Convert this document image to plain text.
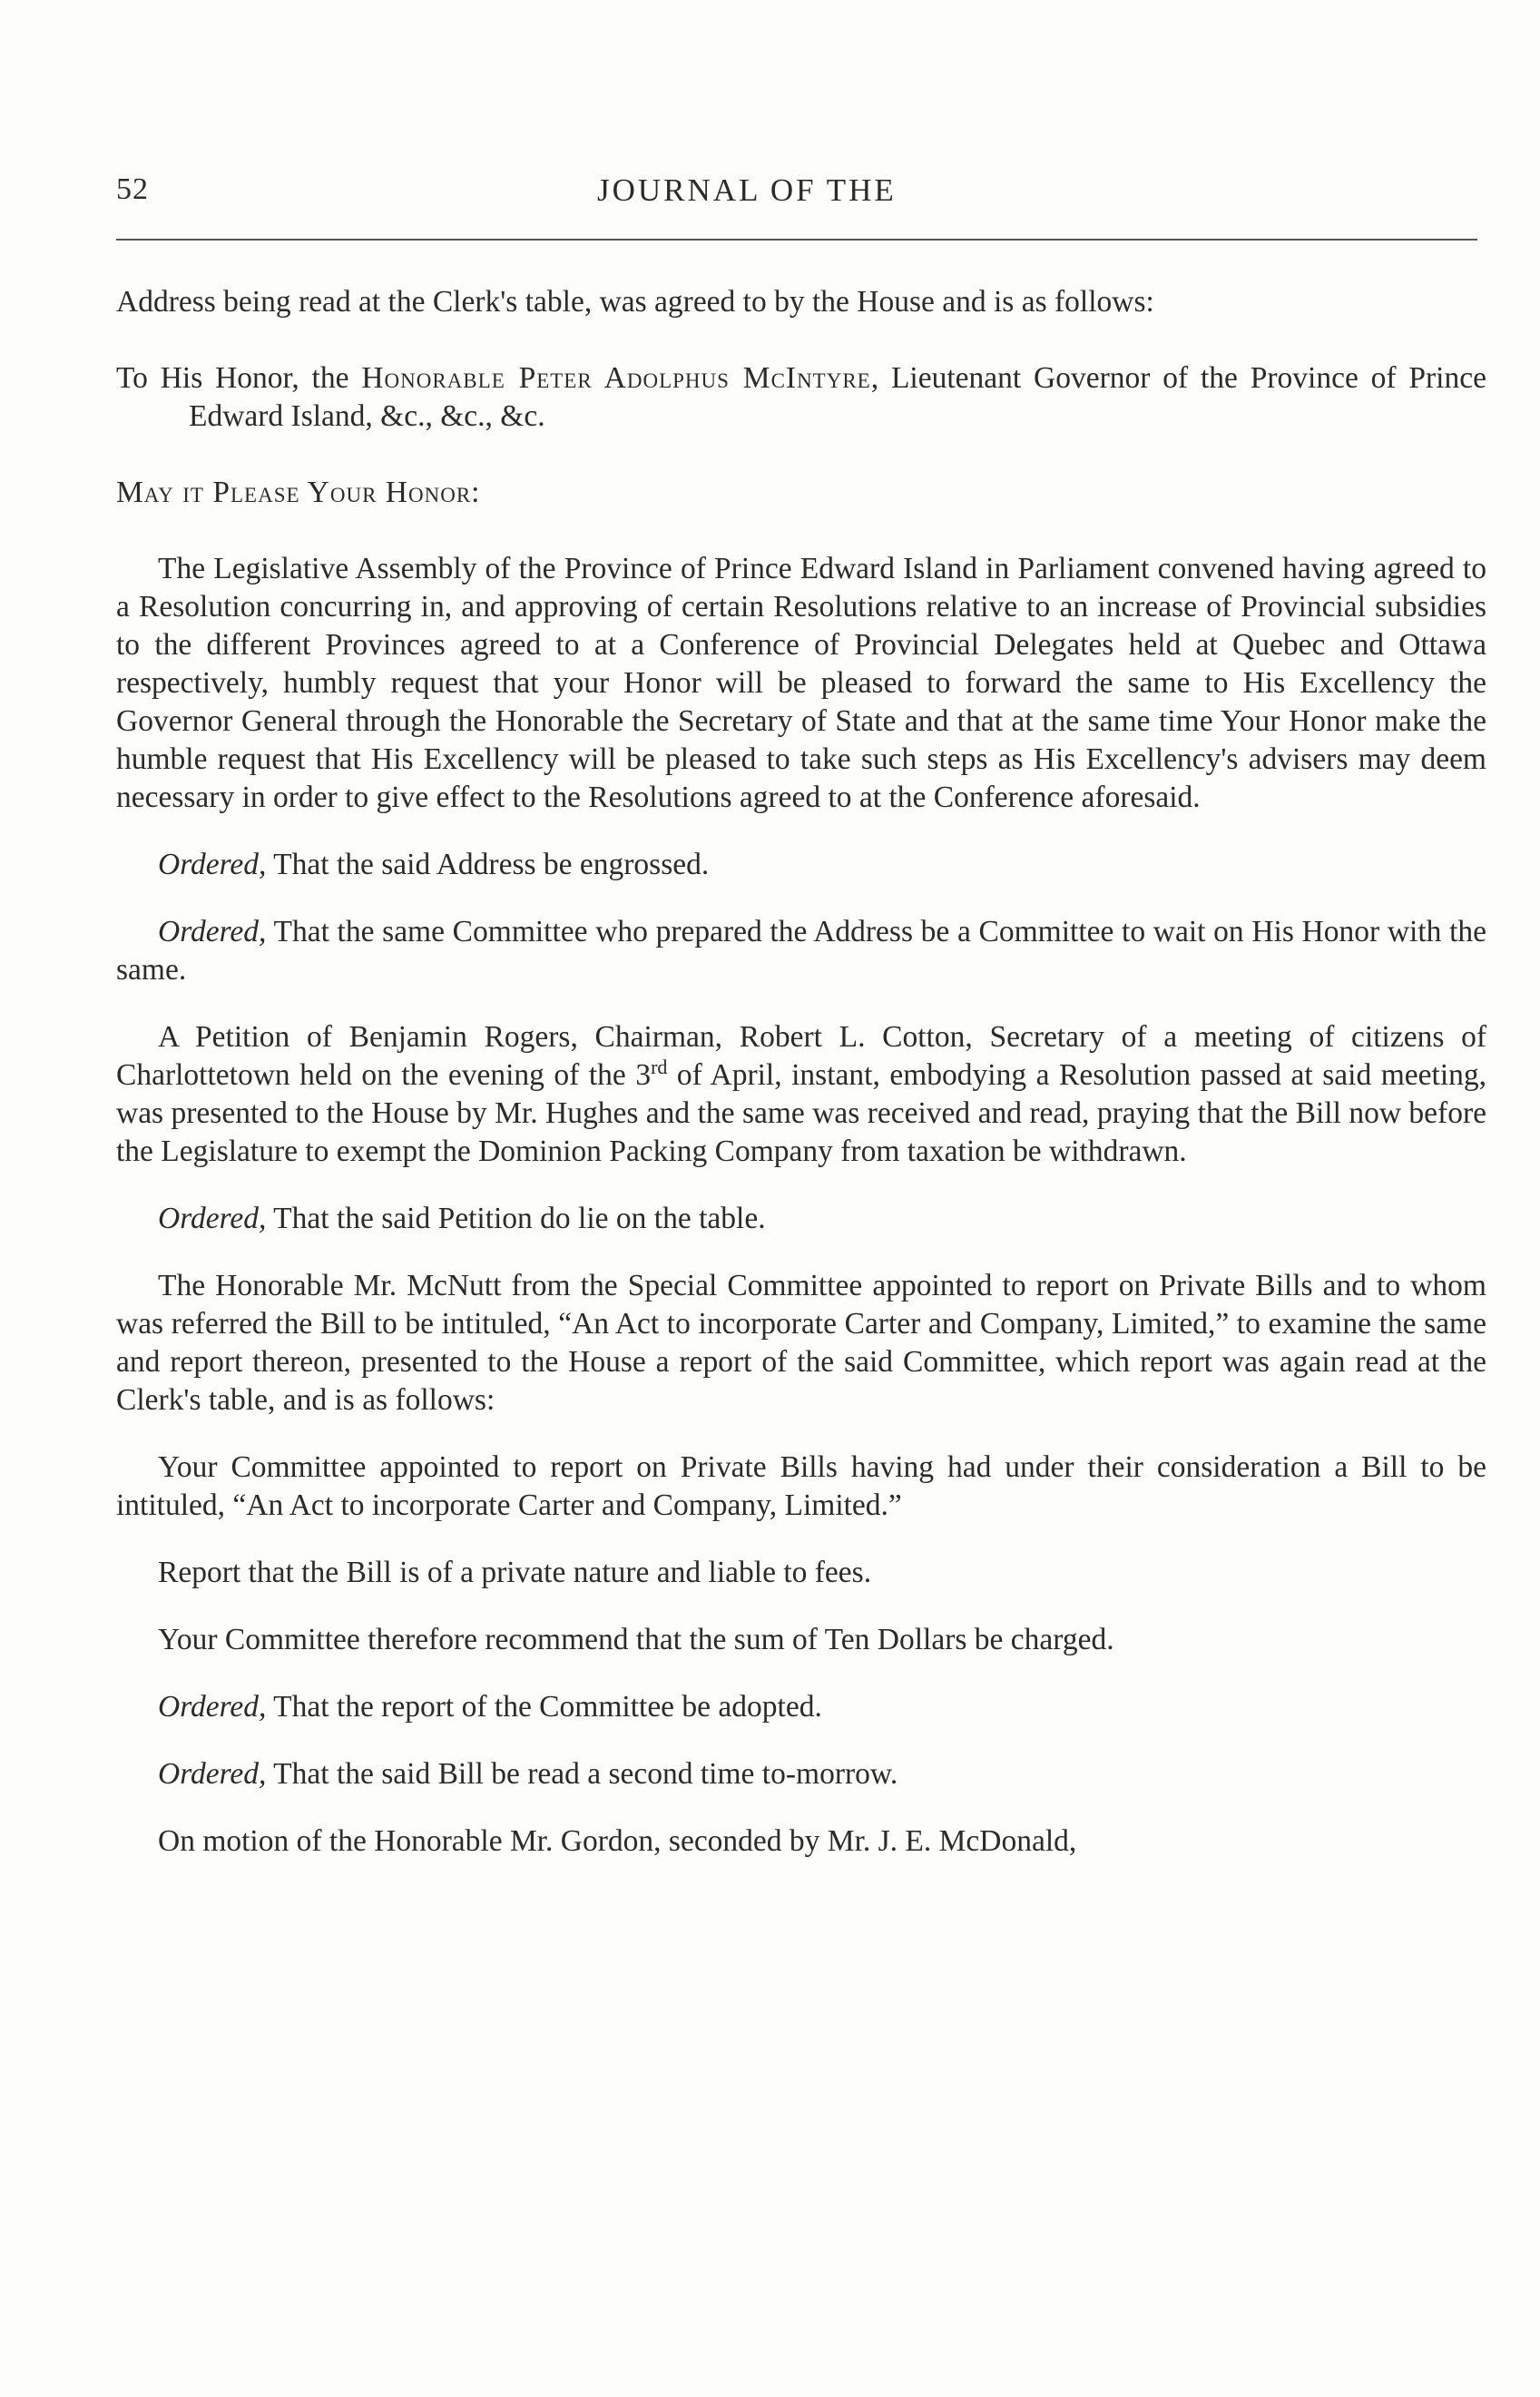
52	JOURNAL OF THE

Address being read at the Clerk's table, was agreed to by the House and is as follows:

To His Honor, the Honorable Peter Adolphus McIntyre, Lieutenant Governor of the Province of Prince Edward Island, &c., &c., &c.

May it Please Your Honor:

The Legislative Assembly of the Province of Prince Edward Island in Parliament convened having agreed to a Resolution concurring in, and approving of certain Resolutions relative to an increase of Provincial subsidies to the different Provinces agreed to at a Conference of Provincial Delegates held at Quebec and Ottawa respectively, humbly request that your Honor will be pleased to forward the same to His Excellency the Governor General through the Honorable the Secretary of State and that at the same time Your Honor make the humble request that His Excellency will be pleased to take such steps as His Excellency's advisers may deem necessary in order to give effect to the Resolutions agreed to at the Conference aforesaid.

Ordered, That the said Address be engrossed.

Ordered, That the same Committee who prepared the Address be a Committee to wait on His Honor with the same.

A Petition of Benjamin Rogers, Chairman, Robert L. Cotton, Secretary of a meeting of citizens of Charlottetown held on the evening of the 3rd of April, instant, embodying a Resolution passed at said meeting, was presented to the House by Mr. Hughes and the same was received and read, praying that the Bill now before the Legislature to exempt the Dominion Packing Company from taxation be withdrawn.

Ordered, That the said Petition do lie on the table.

The Honorable Mr. McNutt from the Special Committee appointed to report on Private Bills and to whom was referred the Bill to be intituled, “An Act to incorporate Carter and Company, Limited,” to examine the same and report thereon, presented to the House a report of the said Committee, which report was again read at the Clerk's table, and is as follows:

Your Committee appointed to report on Private Bills having had under their consideration a Bill to be intituled, “An Act to incorporate Carter and Company, Limited.”

Report that the Bill is of a private nature and liable to fees.

Your Committee therefore recommend that the sum of Ten Dollars be charged.

Ordered, That the report of the Committee be adopted.

Ordered, That the said Bill be read a second time to-morrow.

On motion of the Honorable Mr. Gordon, seconded by Mr. J. E. McDonald,
